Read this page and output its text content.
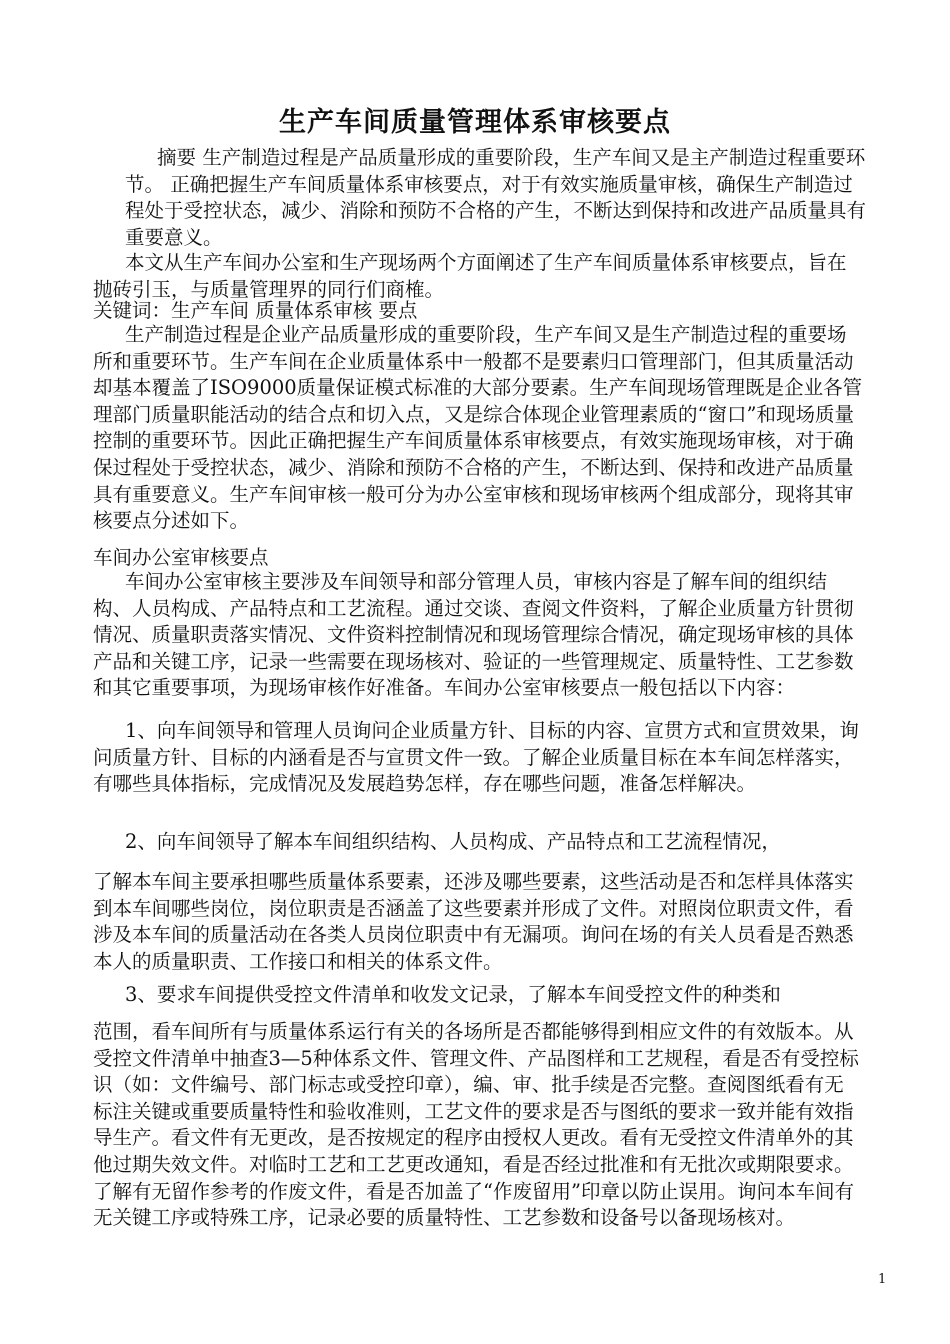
生产车间质量管理体系审核要点
摘要 生产制造过程是产品质量形成的重要阶段，生产车间又是主产制造过程重要环节。 正确把握生产车间质量体系审核要点，对于有效实施质量审核，确保生产制造过程处于受控状态，减少、消除和预防不合格的产生，不断达到保持和改进产品质量具有重要意义。
本文从生产车间办公室和生产现场两个方面阐述了生产车间质量体系审核要点，旨在抛砖引玉，与质量管理界的同行们商榷。
关键词：生产车间 质量体系审核 要点
生产制造过程是企业产品质量形成的重要阶段，生产车间又是生产制造过程的重要场所和重要环节。生产车间在企业质量体系中一般都不是要素归口管理部门，但其质量活动却基本覆盖了ISO9000质量保证模式标准的大部分要素。生产车间现场管理既是企业各管理部门质量职能活动的结合点和切入点，又是综合体现企业管理素质的“窗口”和现场质量控制的重要环节。因此正确把握生产车间质量体系审核要点，有效实施现场审核，对于确保过程处于受控状态，减少、消除和预防不合格的产生，不断达到、保持和改进产品质量具有重要意义。生产车间审核一般可分为办公室审核和现场审核两个组成部分，现将其审核要点分述如下。
车间办公室审核要点
车间办公室审核主要涉及车间领导和部分管理人员，审核内容是了解车间的组织结构、人员构成、产品特点和工艺流程。通过交谈、查阅文件资料，了解企业质量方针贯彻情况、质量职责落实情况、文件资料控制情况和现场管理综合情况，确定现场审核的具体产品和关键工序，记录一些需要在现场核对、验证的一些管理规定、质量特性、工艺参数和其它重要事项，为现场审核作好准备。车间办公室审核要点一般包括以下内容：
1、向车间领导和管理人员询问企业质量方针、目标的内容、宣贯方式和宣贯效果，询问质量方针、目标的内涵看是否与宣贯文件一致。了解企业质量目标在本车间怎样落实，有哪些具体指标，完成情况及发展趋势怎样，存在哪些问题，准备怎样解决。
2、向车间领导了解本车间组织结构、人员构成、产品特点和工艺流程情况，
了解本车间主要承担哪些质量体系要素，还涉及哪些要素，这些活动是否和怎样具体落实到本车间哪些岗位，岗位职责是否涵盖了这些要素并形成了文件。对照岗位职责文件，看涉及本车间的质量活动在各类人员岗位职责中有无漏项。询问在场的有关人员看是否熟悉本人的质量职责、工作接口和相关的体系文件。
3、要求车间提供受控文件清单和收发文记录，了解本车间受控文件的种类和
范围，看车间所有与质量体系运行有关的各场所是否都能够得到相应文件的有效版本。从受控文件清单中抽查3—5种体系文件、管理文件、产品图样和工艺规程，看是否有受控标识（如：文件编号、部门标志或受控印章），编、审、批手续是否完整。查阅图纸看有无标注关键或重要质量特性和验收准则，工艺文件的要求是否与图纸的要求一致并能有效指导生产。看文件有无更改，是否按规定的程序由授权人更改。看有无受控文件清单外的其他过期失效文件。对临时工艺和工艺更改通知，看是否经过批准和有无批次或期限要求。了解有无留作参考的作废文件，看是否加盖了“作废留用”印章以防止误用。询问本车间有无关键工序或特殊工序，记录必要的质量特性、工艺参数和设备号以备现场核对。
1
